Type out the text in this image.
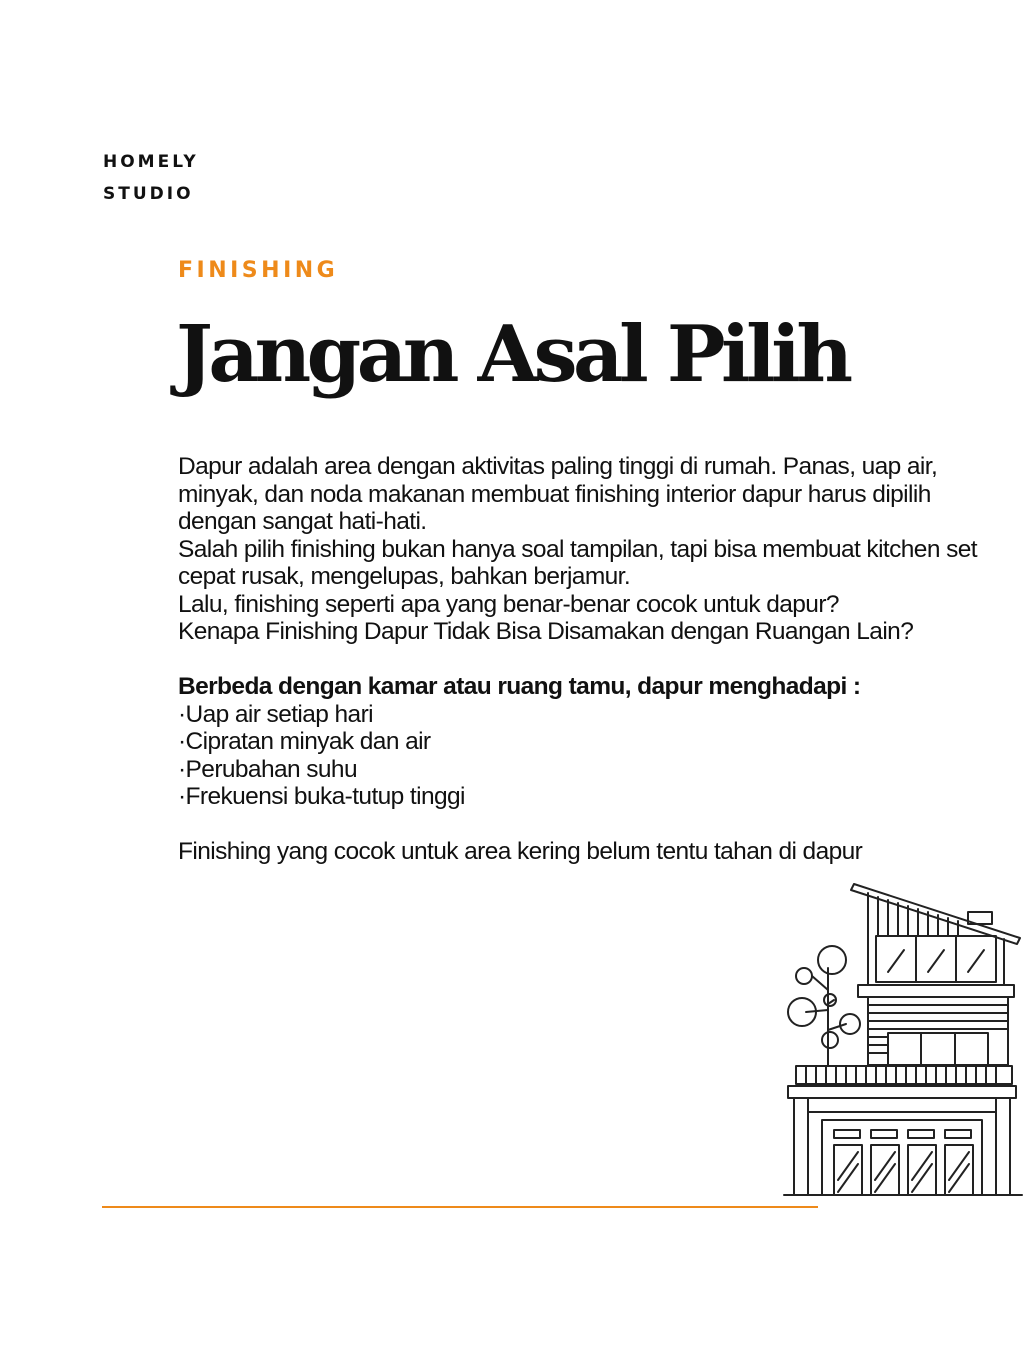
HOMELY
STUDIO
FINISHING
Jangan Asal Pilih

Dapur adalah area dengan aktivitas paling tinggi di rumah. Panas, uap air, minyak, dan noda makanan membuat finishing interior dapur harus dipilih dengan sangat hati-hati.

Salah pilih finishing bukan hanya soal tampilan, tapi bisa membuat kitchen set cepat rusak, mengelupas, bahkan berjamur.

Lalu, finishing seperti apa yang benar-benar cocok untuk dapur?

Kenapa Finishing Dapur Tidak Bisa Disamakan dengan Ruangan Lain?

Berbeda dengan kamar atau ruang tamu, dapur menghadapi :

·Uap air setiap hari

·Cipratan minyak dan air

·Perubahan suhu

·Frekuensi buka-tutup tinggi

Finishing yang cocok untuk area kering belum tentu tahan di dapur
